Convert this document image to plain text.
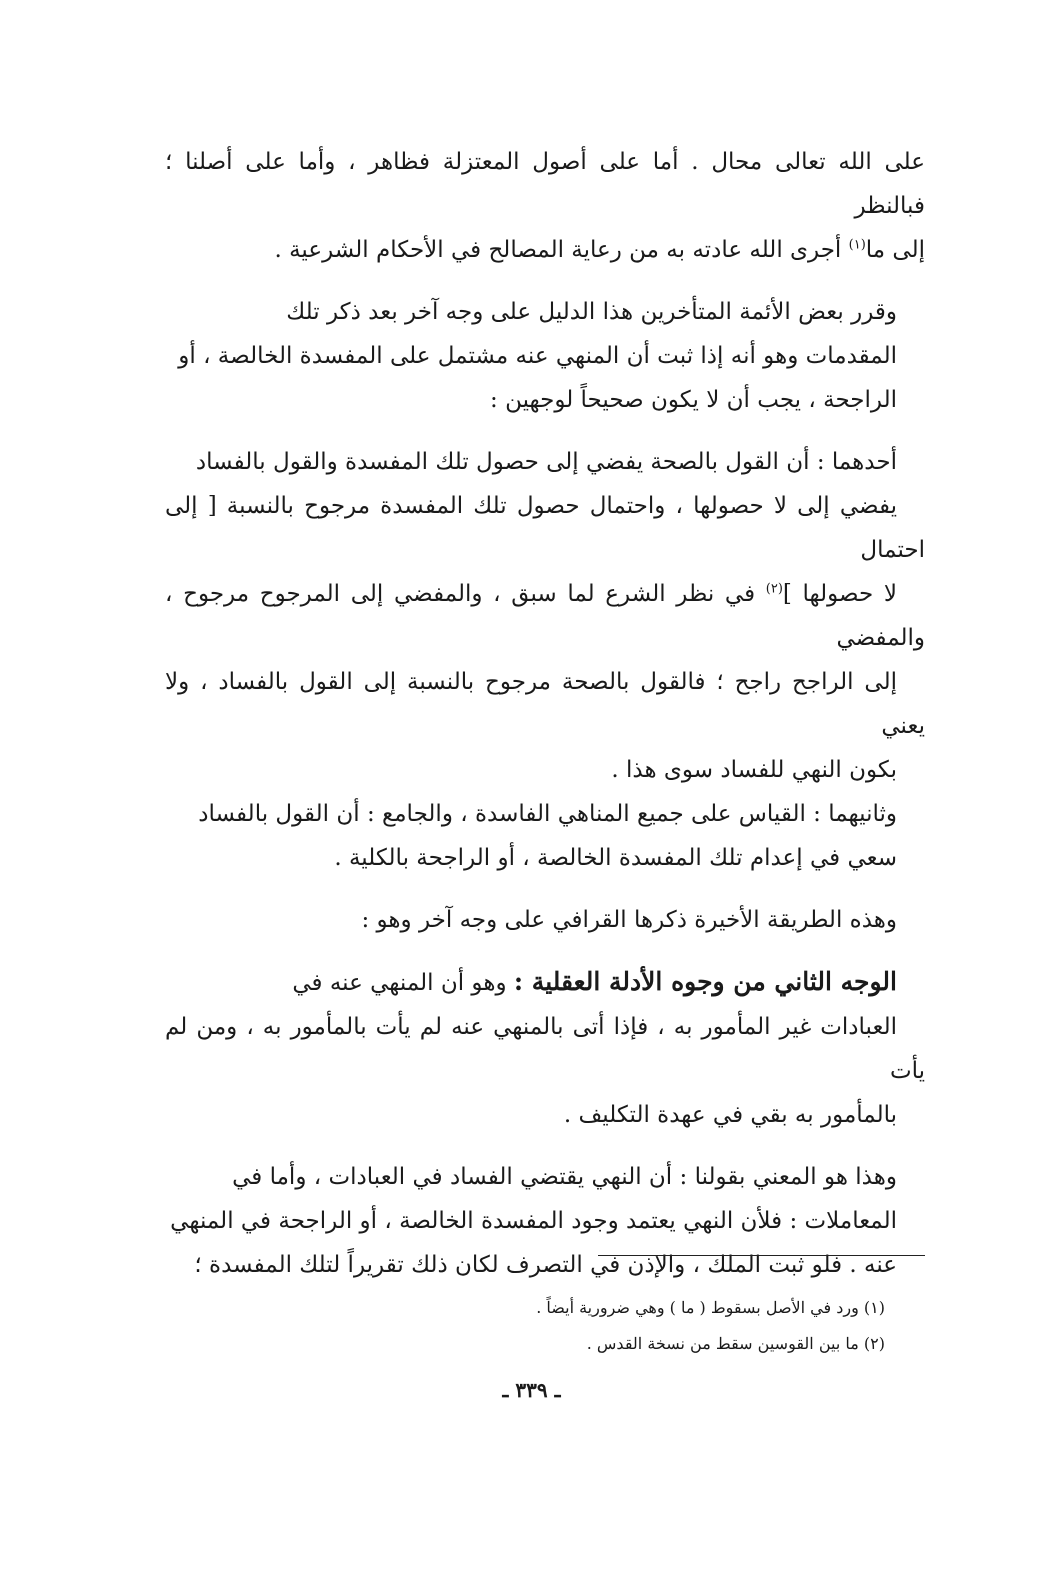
على الله تعالى محال . أما على أصول المعتزلة فظاهر ، وأما على أصلنا ؛ فبالنظر
إلى ما$^{(١)}$ أجرى الله عادته به من رعاية المصالح في الأحكام الشرعية .

وقرر بعض الأئمة المتأخرين هذا الدليل على وجه آخر بعد ذكر تلك
المقدمات وهو أنه إذا ثبت أن المنهي عنه مشتمل على المفسدة الخالصة ، أو
الراجحة ، يجب أن لا يكون صحيحاً لوجهين :

أحدهما : أن القول بالصحة يفضي إلى حصول تلك المفسدة والقول بالفساد
يفضي إلى لا حصولها ، واحتمال حصول تلك المفسدة مرجوح بالنسبة [ إلى احتمال
لا حصولها ]$^{(٢)}$ في نظر الشرع لما سبق ، والمفضي إلى المرجوح مرجوح ، والمفضي
إلى الراجح راجح ؛ فالقول بالصحة مرجوح بالنسبة إلى القول بالفساد ، ولا يعني
بكون النهي للفساد سوى هذا .

وثانيهما : القياس على جميع المناهي الفاسدة ، والجامع : أن القول بالفساد
سعي في إعدام تلك المفسدة الخالصة ، أو الراجحة بالكلية .

وهذه الطريقة الأخيرة ذكرها القرافي على وجه آخر وهو :

الوجه الثاني من وجوه الأدلة العقلية : وهو أن المنهي عنه في
العبادات غير المأمور به ، فإذا أتى بالمنهي عنه لم يأت بالمأمور به ، ومن لم يأت
بالمأمور به بقي في عهدة التكليف .

وهذا هو المعني بقولنا : أن النهي يقتضي الفساد في العبادات ، وأما في
المعاملات : فلأن النهي يعتمد وجود المفسدة الخالصة ، أو الراجحة في المنهي
عنه . فلو ثبت الملك ، والإذن في التصرف لكان ذلك تقريراً لتلك المفسدة ؛

(١) ورد في الأصل بسقوط ( ما ) وهي ضرورية أيضاً .
(٢) ما بين القوسين سقط من نسخة القدس .
ـ ٣٣٩ ـ
